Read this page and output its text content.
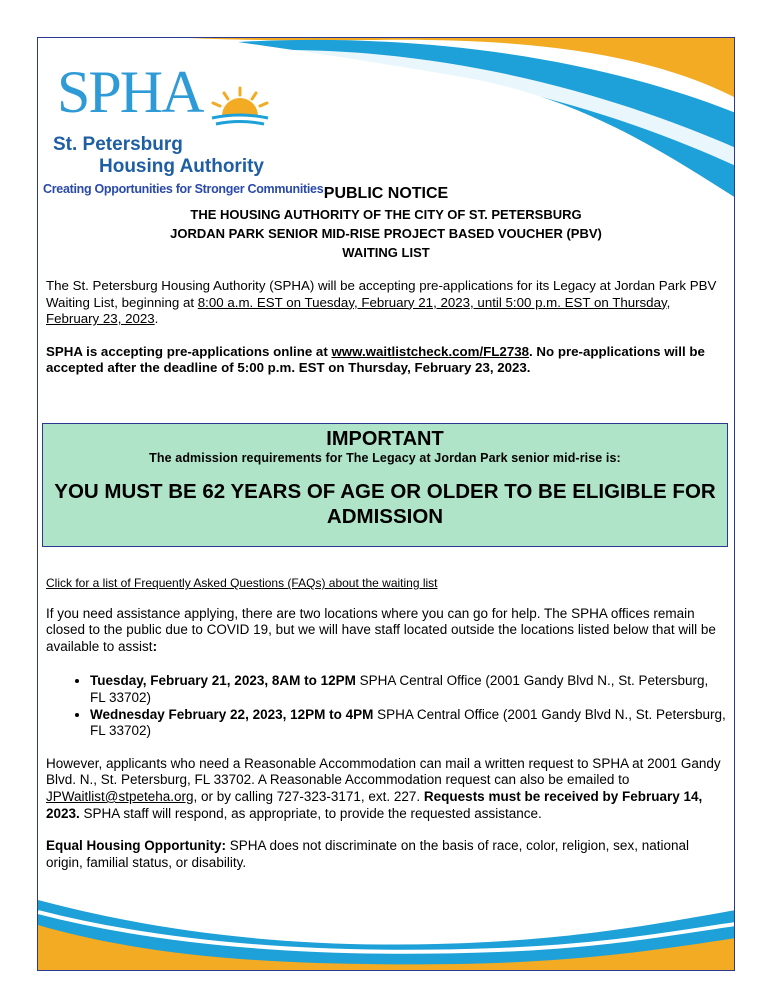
SPHA
St. Petersburg
Housing Authority
Creating Opportunities for Stronger Communities PUBLIC NOTICE

THE HOUSING AUTHORITY OF THE CITY OF ST. PETERSBURG

JORDAN PARK SENIOR MID-RISE PROJECT BASED VOUCHER (PBV)

WAITING LIST

The St. Petersburg Housing Authority (SPHA) will be accepting pre-applications for its Legacy at Jordan Park PBV Waiting List, beginning at 8:00 a.m. EST on Tuesday, February 21, 2023, until 5:00 p.m. EST on Thursday, February 23, 2023.

SPHA is accepting pre-applications online at www.waitlistcheck.com/FL2738. No pre-applications will be accepted after the deadline of 5:00 p.m. EST on Thursday, February 23, 2023.

IMPORTANT
The admission requirements for The Legacy at Jordan Park senior mid-rise is:
YOU MUST BE 62 YEARS OF AGE OR OLDER TO BE ELIGIBLE FOR ADMISSION

Click for a list of Frequently Asked Questions (FAQs) about the waiting list

If you need assistance applying, there are two locations where you can go for help. The SPHA offices remain closed to the public due to COVID 19, but we will have staff located outside the locations listed below that will be available to assist:

• Tuesday, February 21, 2023, 8AM to 12PM SPHA Central Office (2001 Gandy Blvd N., St. Petersburg, FL 33702)
• Wednesday February 22, 2023, 12PM to 4PM SPHA Central Office (2001 Gandy Blvd N., St. Petersburg, FL 33702)

However, applicants who need a Reasonable Accommodation can mail a written request to SPHA at 2001 Gandy Blvd. N., St. Petersburg, FL 33702. A Reasonable Accommodation request can also be emailed to JPWaitlist@stpeteha.org, or by calling 727-323-3171, ext. 227. Requests must be received by February 14, 2023. SPHA staff will respond, as appropriate, to provide the requested assistance.

Equal Housing Opportunity: SPHA does not discriminate on the basis of race, color, religion, sex, national origin, familial status, or disability.
